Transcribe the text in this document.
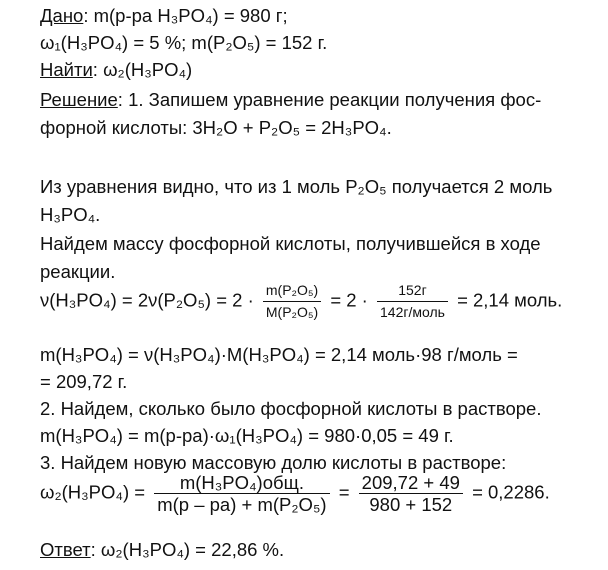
Дано: m(р-ра H₃PO₄) = 980 г;
ω₁(H₃PO₄) = 5 %; m(P₂O₅) = 152 г.
Найти: ω₂(H₃PO₄)
Решение: 1. Запишем уравнение реакции получения фос-
форной кислоты: 3H₂O + P₂O₅ = 2H₃PO₄.
Из уравнения видно, что из 1 моль P₂O₅ получается 2 моль
H₃PO₄.
Найдем массу фосфорной кислоты, получившейся в ходе
реакции.
$\nu(H_3PO_4) = 2\nu(P_2O_5) = 2 \cdot \frac{\text{m(P₂O₅)}}{\text{M(P₂O₅)}} = 2$ ·	152г
142г/моль
= 2,14 моль.
m(H₃PO₄) = ν(H₃PO₄)·M(H₃PO₄) = 2,14 моль·98 г/моль =
= 209,72 г.
2. Найдем, сколько было фосфорной кислоты в растворе.
m(H₃PO₄) = m(р-ра)·ω₁(H₃PO₄) = 980·0,05 = 49 г.
3. Найдем новую массовую долю кислоты в растворе:
ω₂(H₃PO₄) =	m(H₃PO₄)общ.
m(р – ра) + m(P₂O₅)
= $\frac{209,72 + 49}{980 + 152} = 0,2286$.
Ответ: ω₂(H₃PO₄) = 22,86 %.
